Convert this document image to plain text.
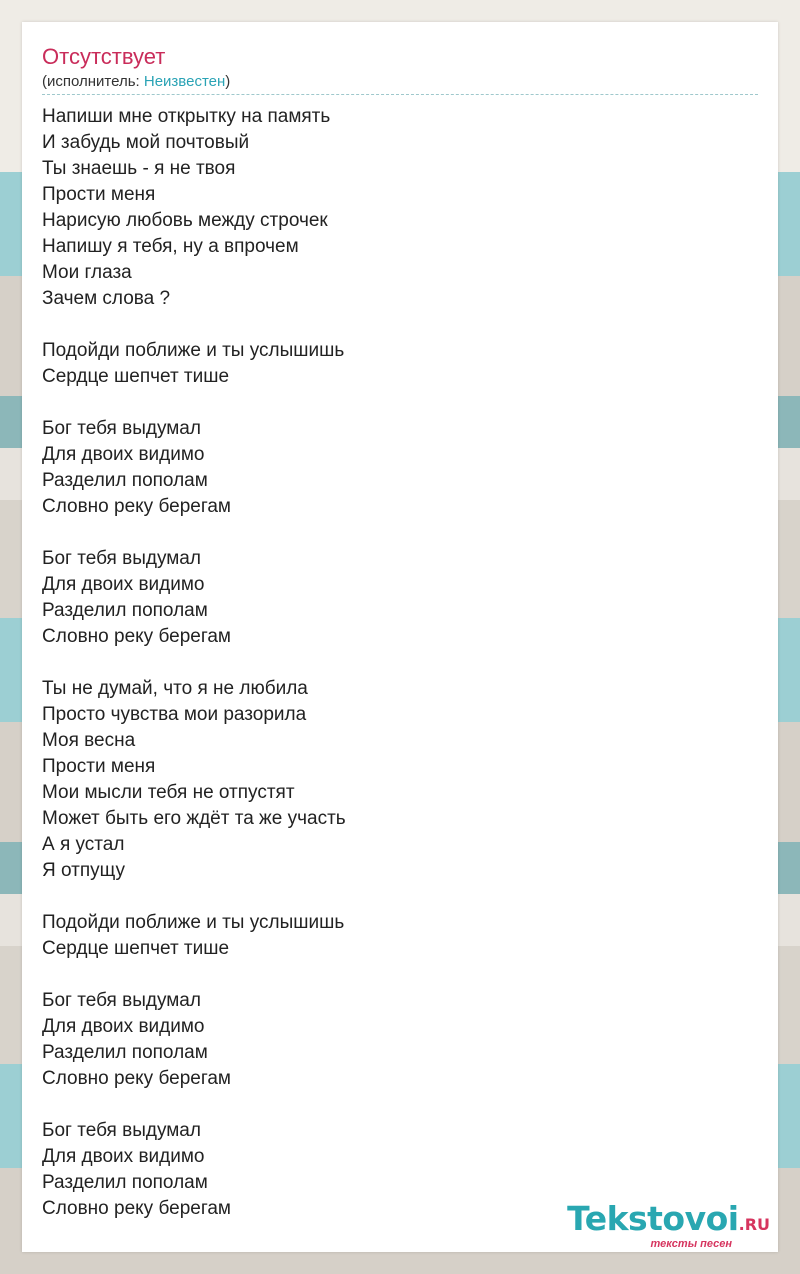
Отсутствует
(исполнитель: Неизвестен)
Напиши мне открытку на память
И забудь мой почтовый
Ты знаешь - я не твоя
Прости меня
Нарисую любовь между строчек
Напишу я тебя, ну а впрочем
Мои глаза
Зачем слова ?
Подойди поближе и ты услышишь
Сердце шепчет тише
Бог тебя выдумал
Для двоих видимо
Разделил пополам
Словно реку берегам
Бог тебя выдумал
Для двоих видимо
Разделил пополам
Словно реку берегам
Ты не думай, что я не любила
Просто чувства мои разорила
Моя весна
Прости меня
Мои мысли тебя не отпустят
Может быть его ждёт та же участь
А я устал
Я отпущу
Подойди поближе и ты услышишь
Сердце шепчет тише
Бог тебя выдумал
Для двоих видимо
Разделил пополам
Словно реку берегам
Бог тебя выдумал
Для двоих видимо
Разделил пополам
Словно реку берегам	Tekstovoi.RU
тексты песен
